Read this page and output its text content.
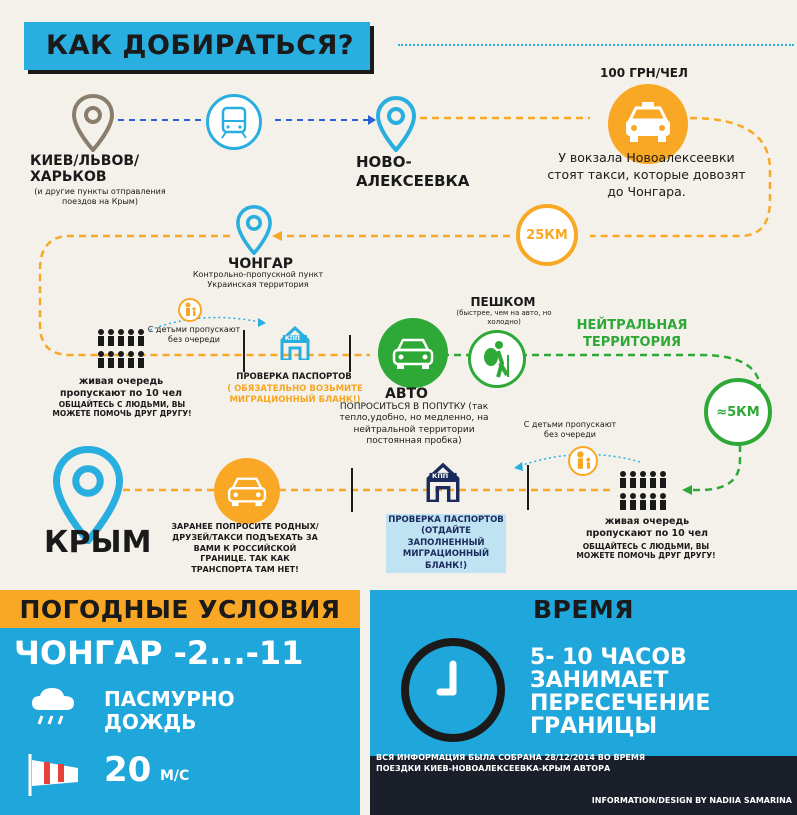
КАК ДОБИРАТЬСЯ?
КИЕВ/ЛЬВОВ/ ХАРЬКОВ
(и другие пункты отправления поездов на Крым)
НОВО- АЛЕКСЕЕВКА
100 ГРН/ЧЕЛ
У вокзала Новоалексеевки стоят такси, которые довозят до Чонгара.
25КМ
ЧОНГАР
Контрольно-пропускной пункт Украинская территория
С детьми пропускают без очереди
живая очередь пропускают по 10 чел
ОБЩАЙТЕСЬ С ЛЮДЬМИ, ВЫ МОЖЕТЕ ПОМОЧЬ ДРУГ ДРУГУ!
КПП
ПРОВЕРКА ПАСПОРТОВ
( ОБЯЗАТЕЛЬНО ВОЗЬМИТЕ МИГРАЦИОННЫЙ БЛАНК!)	АВТО
ПОПРОСИТЬСЯ В ПОПУТКУ (так тепло,удобно, но медленно, на нейтральной территории постоянная пробка)
ПЕШКОМ
(быстрее, чем на авто, но холодно)	НЕЙТРАЛЬНАЯ ТЕРРИТОРИЯ
≈5КМ
С детьми пропускают без очереди
живая очередь пропускают по 10 чел
ОБЩАЙТЕСЬ С ЛЮДЬМИ, ВЫ МОЖЕТЕ ПОМОЧЬ ДРУГ ДРУГУ!
КПП
ПРОВЕРКА ПАСПОРТОВ (ОТДАЙТЕ ЗАПОЛНЕННЫЙ МИГРАЦИОННЫЙ БЛАНК!)
КРЫМ ЗАРАНЕЕ ПОПРОСИТЕ РОДНЫХ/ДРУЗЕЙ/ТАКСИ ПОДЪЕХАТЬ ЗА ВАМИ К РОССИЙСКОЙ ГРАНИЦЕ. ТАК КАК ТРАНСПОРТА ТАМ НЕТ!
ПОГОДНЫЕ УСЛОВИЯ
ЧОНГАР -2...-11
ПАСМУРНО ДОЖДЬ
20 М/С
ВРЕМЯ
5- 10 ЧАСОВ ЗАНИМАЕТ ПЕРЕСЕЧЕНИЕ ГРАНИЦЫ
ВСЯ ИНФОРМАЦИЯ БЫЛА СОБРАНА 28/12/2014 ВО ВРЕМЯ ПОЕЗДКИ КИЕВ-НОВОАЛЕКСЕЕВКА-КРЫМ АВТОРА
INFORMATION/DESIGN BY NADIIA SAMARINA
